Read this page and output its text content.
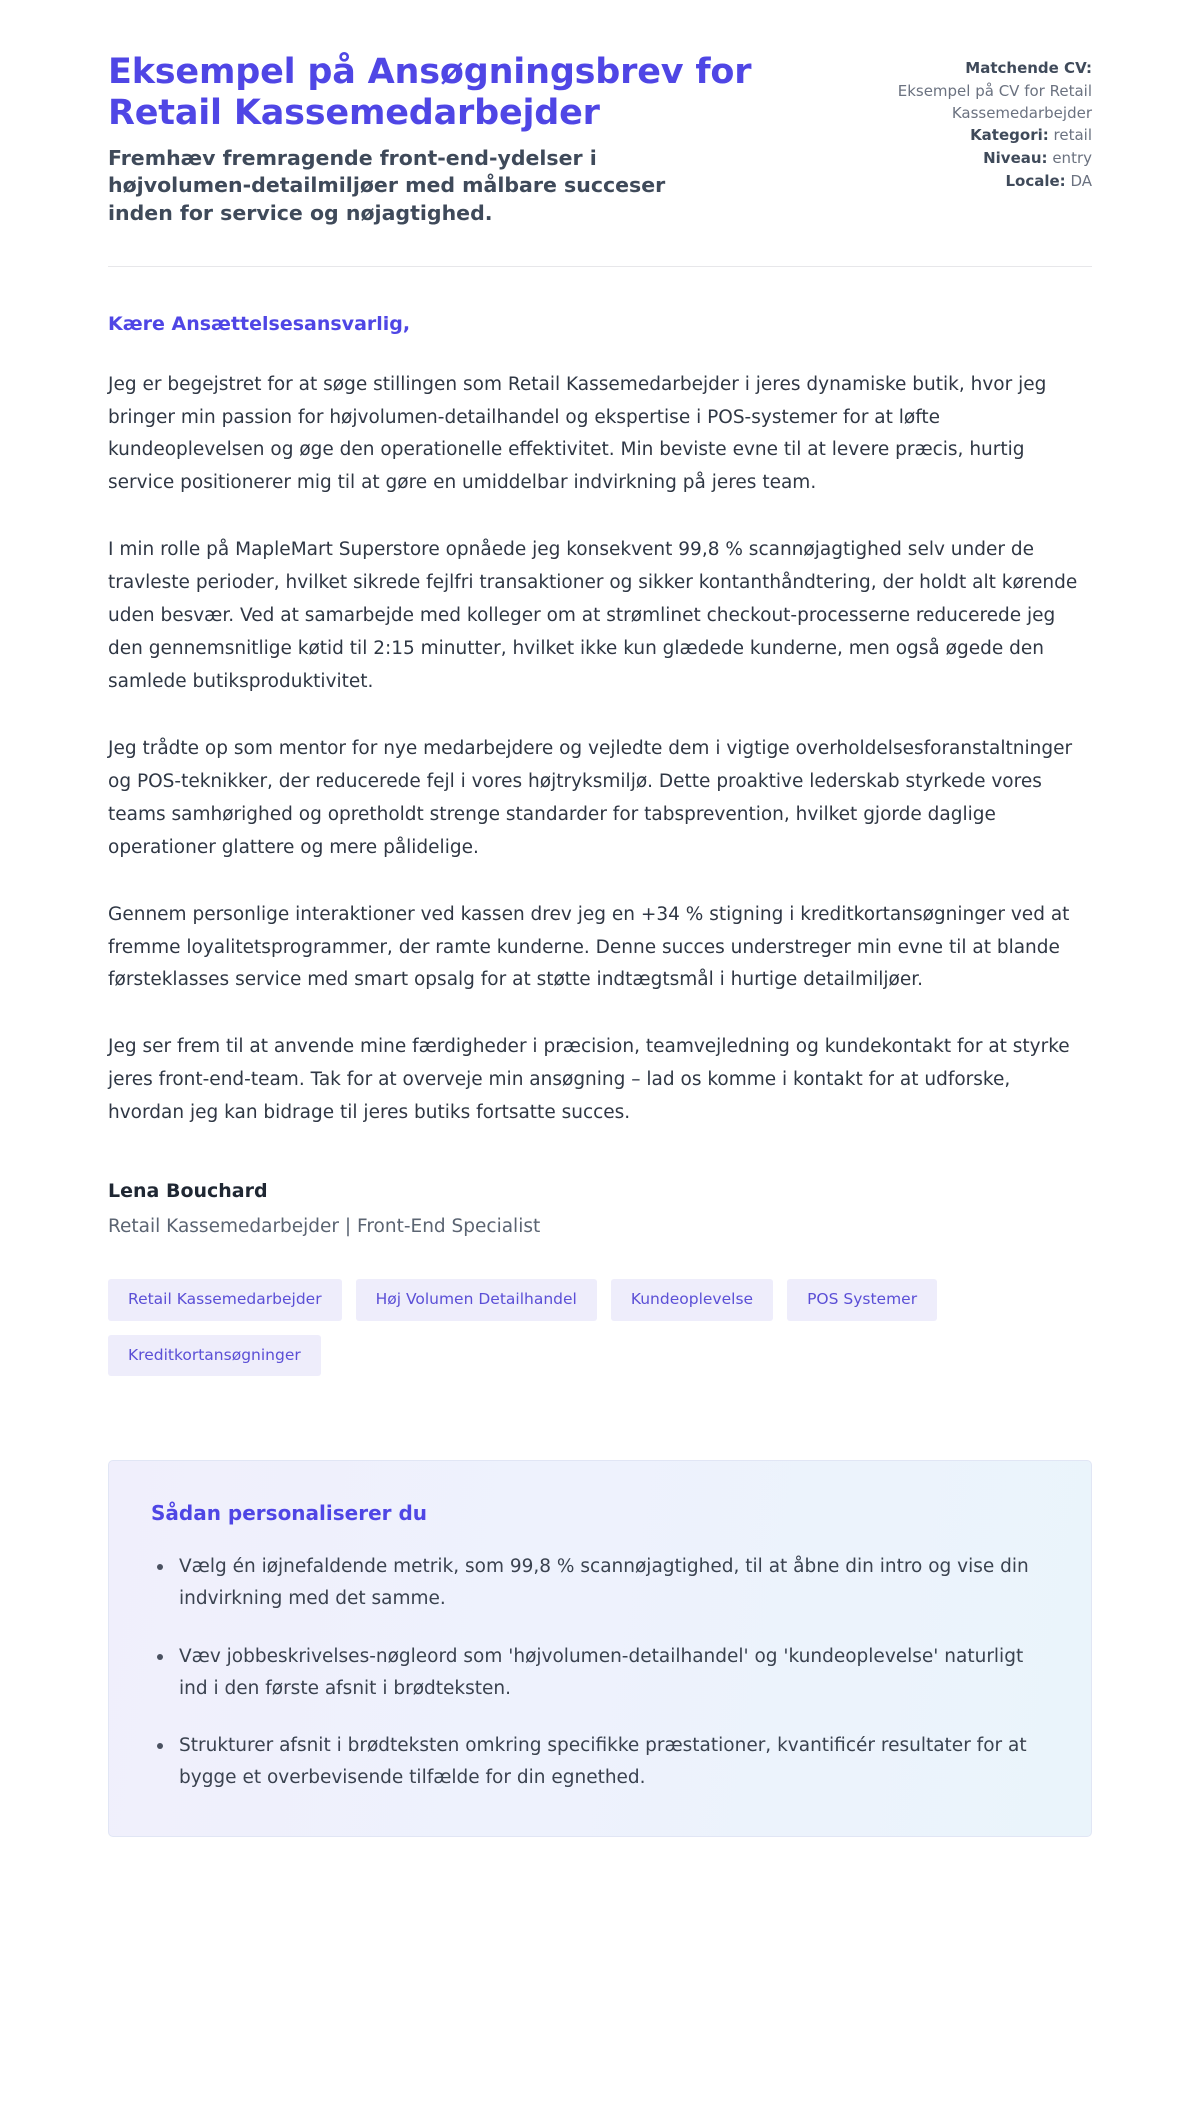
Eksempel på Ansøgningsbrev for Retail Kassemedarbejder

Fremhæv fremragende front-end-ydelser i højvolumen-detailmiljøer med målbare succeser inden for service og nøjagtighed.

Matchende CV:
Eksempel på CV for Retail Kassemedarbejder
Kategori: retail
Niveau: entry
Locale: DA

Kære Ansættelsesansvarlig,

Jeg er begejstret for at søge stillingen som Retail Kassemedarbejder i jeres dynamiske butik, hvor jeg bringer min passion for højvolumen-detailhandel og ekspertise i POS-systemer for at løfte kundeoplevelsen og øge den operationelle effektivitet. Min beviste evne til at levere præcis, hurtig service positionerer mig til at gøre en umiddelbar indvirkning på jeres team.

I min rolle på MapleMart Superstore opnåede jeg konsekvent 99,8 % scannøjagtighed selv under de travleste perioder, hvilket sikrede fejlfri transaktioner og sikker kontanthåndtering, der holdt alt kørende uden besvær. Ved at samarbejde med kolleger om at strømlinet checkout-processerne reducerede jeg den gennemsnitlige køtid til 2:15 minutter, hvilket ikke kun glædede kunderne, men også øgede den samlede butiksproduktivitet.

Jeg trådte op som mentor for nye medarbejdere og vejledte dem i vigtige overholdelsesforanstaltninger og POS-teknikker, der reducerede fejl i vores højtryksmiljø. Dette proaktive lederskab styrkede vores teams samhørighed og opretholdt strenge standarder for tabsprevention, hvilket gjorde daglige operationer glattere og mere pålidelige.

Gennem personlige interaktioner ved kassen drev jeg en +34 % stigning i kreditkortansøgninger ved at fremme loyalitetsprogrammer, der ramte kunderne. Denne succes understreger min evne til at blande førsteklasses service med smart opsalg for at støtte indtægtsmål i hurtige detailmiljøer.

Jeg ser frem til at anvende mine færdigheder i præcision, teamvejledning og kundekontakt for at styrke jeres front-end-team. Tak for at overveje min ansøgning – lad os komme i kontakt for at udforske, hvordan jeg kan bidrage til jeres butiks fortsatte succes.

Lena Bouchard

Retail Kassemedarbejder | Front-End Specialist

Retail Kassemedarbejder	Høj Volumen Detailhandel	Kundeoplevelse	POS Systemer
Kreditkortansøgninger
Sådan personaliserer du
Vælg én iøjnefaldende metrik, som 99,8 % scannøjagtighed, til at åbne din intro og vise din indvirkning med det samme.
Væv jobbeskrivelses-nøgleord som 'højvolumen-detailhandel' og 'kundeoplevelse' naturligt ind i den første afsnit i brødteksten.
Strukturer afsnit i brødteksten omkring specifikke præstationer, kvantificér resultater for at bygge et overbevisende tilfælde for din egnethed.
